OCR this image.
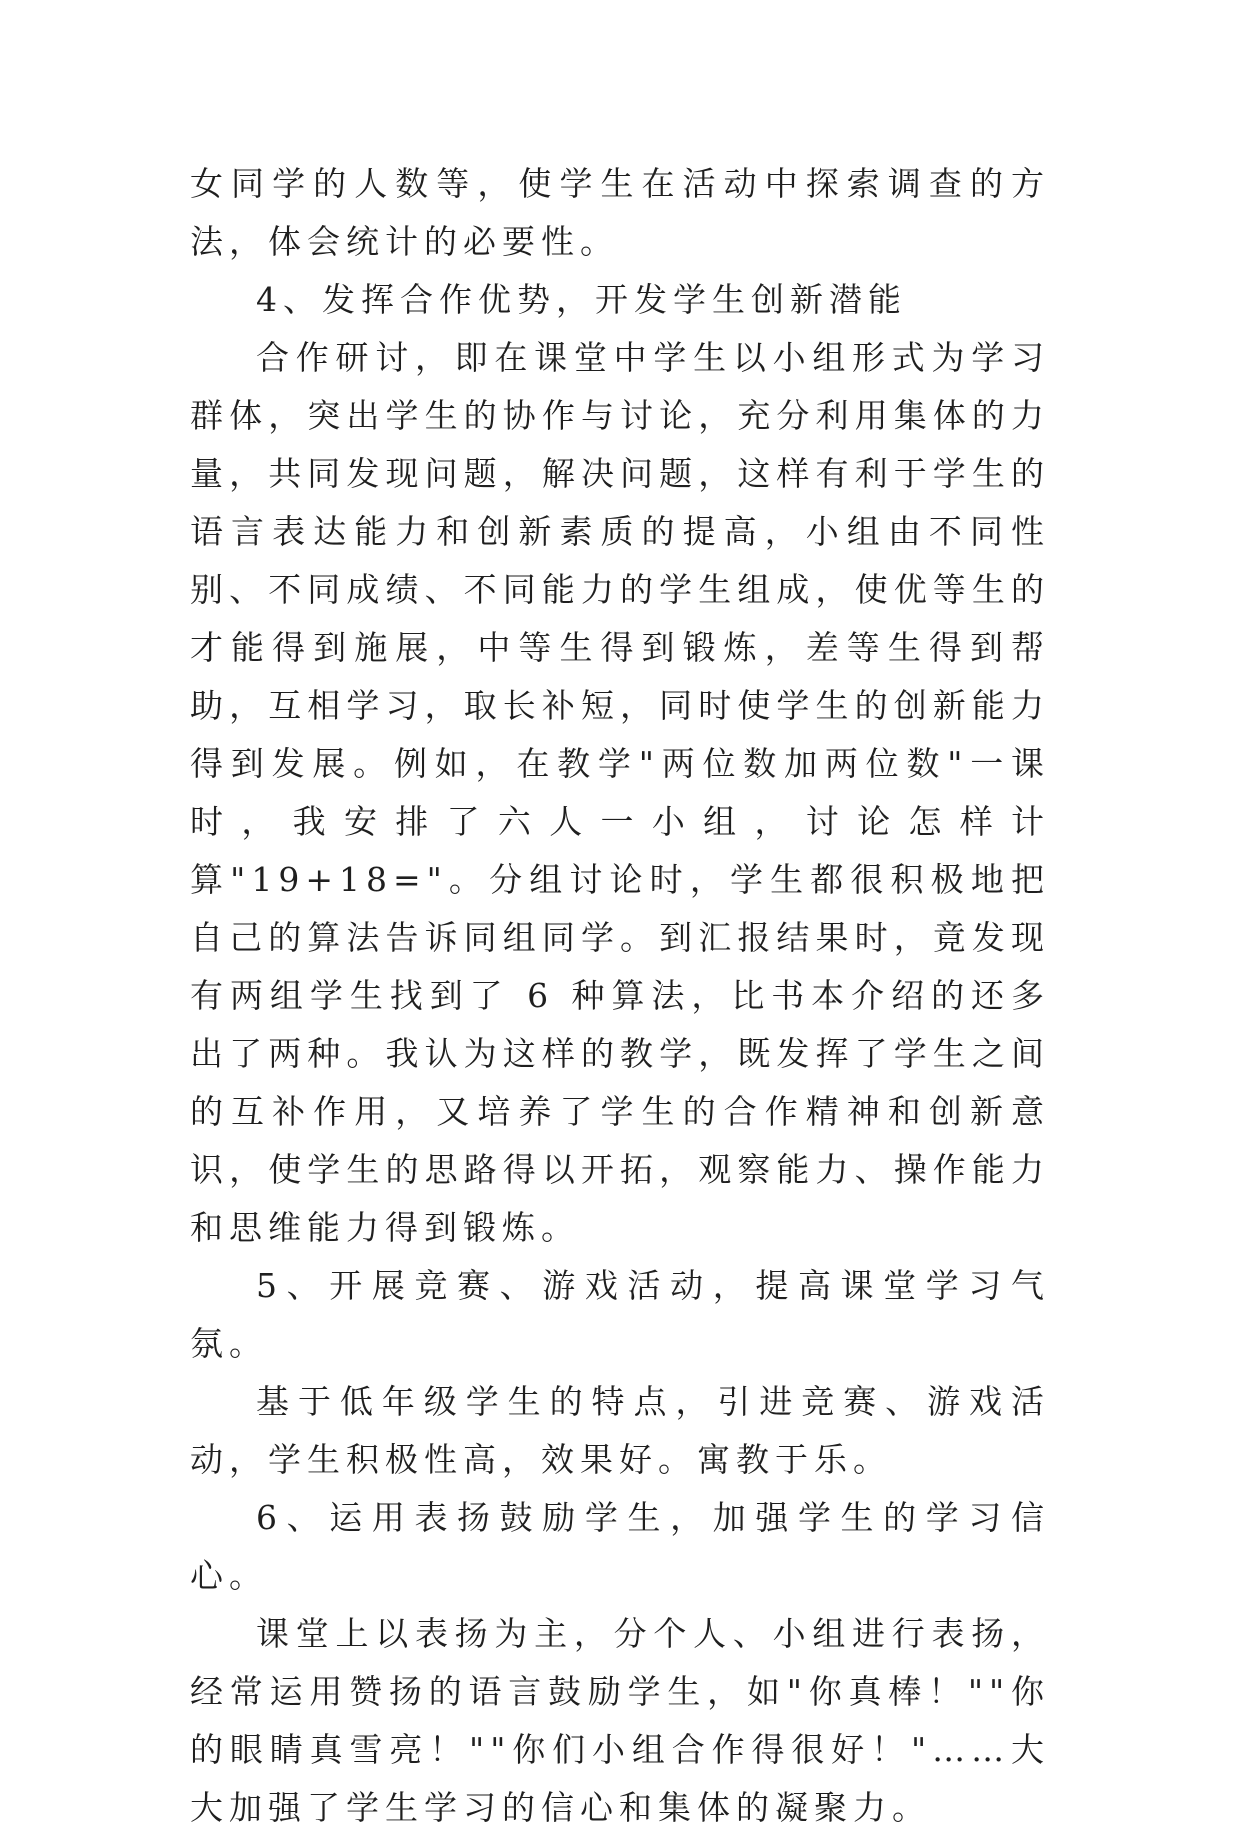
女同学的人数等，使学生在活动中探索调查的方法，体会统计的必要性。

4、发挥合作优势，开发学生创新潜能

合作研讨，即在课堂中学生以小组形式为学习群体，突出学生的协作与讨论，充分利用集体的力量，共同发现问题，解决问题，这样有利于学生的语言表达能力和创新素质的提高，小组由不同性别、不同成绩、不同能力的学生组成，使优等生的才能得到施展，中等生得到锻炼，差等生得到帮助，互相学习，取长补短，同时使学生的创新能力得到发展。例如，在教学"两位数加两位数"一课时，我安排了六人一小组，讨论怎样计算"19+18="。分组讨论时，学生都很积极地把自己的算法告诉同组同学。到汇报结果时，竟发现有两组学生找到了 6 种算法，比书本介绍的还多出了两种。我认为这样的教学，既发挥了学生之间的互补作用，又培养了学生的合作精神和创新意识，使学生的思路得以开拓，观察能力、操作能力和思维能力得到锻炼。

5、开展竞赛、游戏活动，提高课堂学习气氛。

基于低年级学生的特点，引进竞赛、游戏活动，学生积极性高，效果好。寓教于乐。

6、运用表扬鼓励学生，加强学生的学习信心。

课堂上以表扬为主，分个人、小组进行表扬，经常运用赞扬的语言鼓励学生，如"你真棒！""你的眼睛真雪亮！""你们小组合作得很好！"……大大加强了学生学习的信心和集体的凝聚力。
